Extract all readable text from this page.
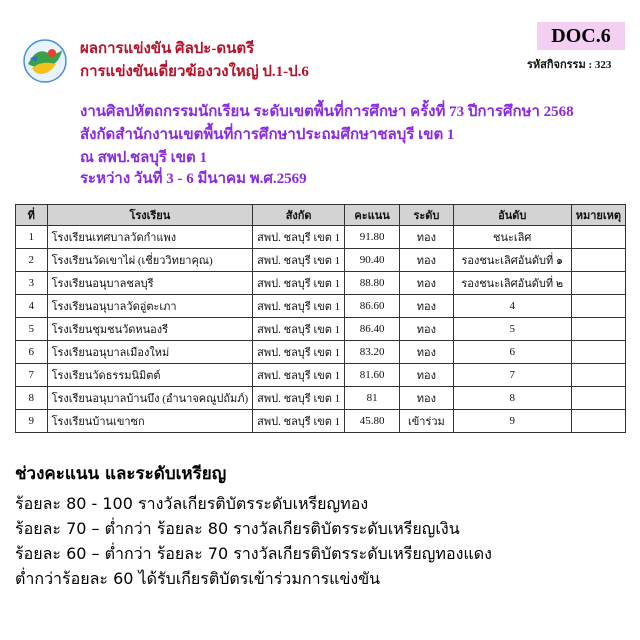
DOC.6
รหัสกิจกรรม : 323
ผลการแข่งขัน ศิลปะ-ดนตรี
การแข่งขันเดี่ยวฆ้องวงใหญ่ ป.1-ป.6
งานศิลปหัตถกรรมนักเรียน ระดับเขตพื้นที่การศึกษา ครั้งที่ 73 ปีการศึกษา 2568
สังกัดสำนักงานเขตพื้นที่การศึกษาประถมศึกษาชลบุรี เขต 1
ณ สพป.ชลบุรี เขต 1
ระหว่าง วันที่ 3 - 6 มีนาคม พ.ศ.2569
ที่	โรงเรียน	สังกัด	คะแนน	ระดับ	อันดับ	หมายเหตุ
1	โรงเรียนเทศบาลวัดกำแพง	สพป. ชลบุรี เขต 1	91.80	ทอง	ชนะเลิศ	
2	โรงเรียนวัดเขาไผ่ (เชี่ยววิทยาคุณ)	สพป. ชลบุรี เขต 1	90.40	ทอง	รองชนะเลิศอันดับที่ ๑	
3	โรงเรียนอนุบาลชลบุรี	สพป. ชลบุรี เขต 1	88.80	ทอง	รองชนะเลิศอันดับที่ ๒	
4	โรงเรียนอนุบาลวัดอู่ตะเภา	สพป. ชลบุรี เขต 1	86.60	ทอง	4	
5	โรงเรียนชุมชนวัดหนองรี	สพป. ชลบุรี เขต 1	86.40	ทอง	5	
6	โรงเรียนอนุบาลเมืองใหม่	สพป. ชลบุรี เขต 1	83.20	ทอง	6	
7	โรงเรียนวัดธรรมนิมิตต์	สพป. ชลบุรี เขต 1	81.60	ทอง	7	
8	โรงเรียนอนุบาลบ้านบึง (อำนาจคณูปถัมภ์)	สพป. ชลบุรี เขต 1	81	ทอง	8	
9	โรงเรียนบ้านเขาซก	สพป. ชลบุรี เขต 1	45.80	เข้าร่วม	9	
ช่วงคะแนน และระดับเหรียญ
ร้อยละ 80 - 100 รางวัลเกียรติบัตรระดับเหรียญทอง
ร้อยละ 70 – ต่ำกว่า ร้อยละ 80 รางวัลเกียรติบัตรระดับเหรียญเงิน
ร้อยละ 60 – ต่ำกว่า ร้อยละ 70 รางวัลเกียรติบัตรระดับเหรียญทองแดง
ต่ำกว่าร้อยละ 60 ได้รับเกียรติบัตรเข้าร่วมการแข่งขัน
